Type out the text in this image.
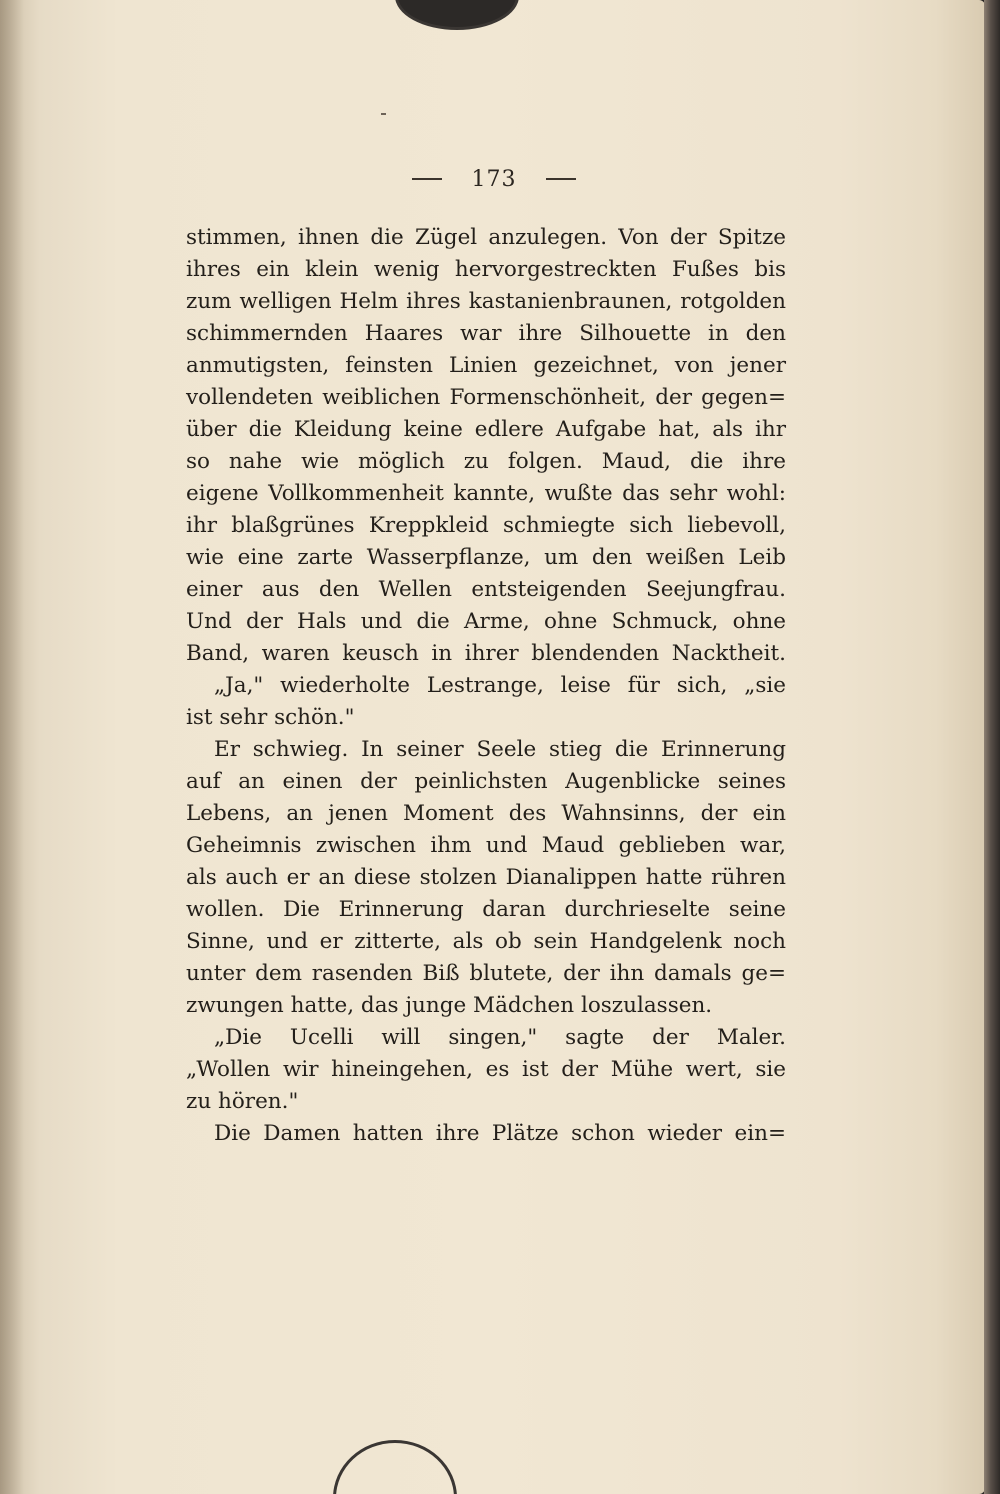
173
stimmen, ihnen die Zügel anzulegen. Von der Spitze
ihres ein klein wenig hervorgestreckten Fußes bis
zum welligen Helm ihres kastanienbraunen, rotgolden
schimmernden Haares war ihre Silhouette in den
anmutigsten, feinsten Linien gezeichnet, von jener
vollendeten weiblichen Formenschönheit, der gegen=
über die Kleidung keine edlere Aufgabe hat, als ihr
so nahe wie möglich zu folgen. Maud, die ihre
eigene Vollkommenheit kannte, wußte das sehr wohl:
ihr blaßgrünes Kreppkleid schmiegte sich liebevoll,
wie eine zarte Wasserpflanze, um den weißen Leib
einer aus den Wellen entsteigenden Seejungfrau.
Und der Hals und die Arme, ohne Schmuck, ohne
Band, waren keusch in ihrer blendenden Nacktheit.
„Ja," wiederholte Lestrange, leise für sich, „sie
ist sehr schön."
Er schwieg. In seiner Seele stieg die Erinnerung
auf an einen der peinlichsten Augenblicke seines
Lebens, an jenen Moment des Wahnsinns, der ein
Geheimnis zwischen ihm und Maud geblieben war,
als auch er an diese stolzen Dianalippen hatte rühren
wollen. Die Erinnerung daran durchrieselte seine
Sinne, und er zitterte, als ob sein Handgelenk noch
unter dem rasenden Biß blutete, der ihn damals ge=
zwungen hatte, das junge Mädchen loszulassen.
„Die Ucelli will singen," sagte der Maler.
„Wollen wir hineingehen, es ist der Mühe wert, sie
zu hören."
Die Damen hatten ihre Plätze schon wieder ein=
